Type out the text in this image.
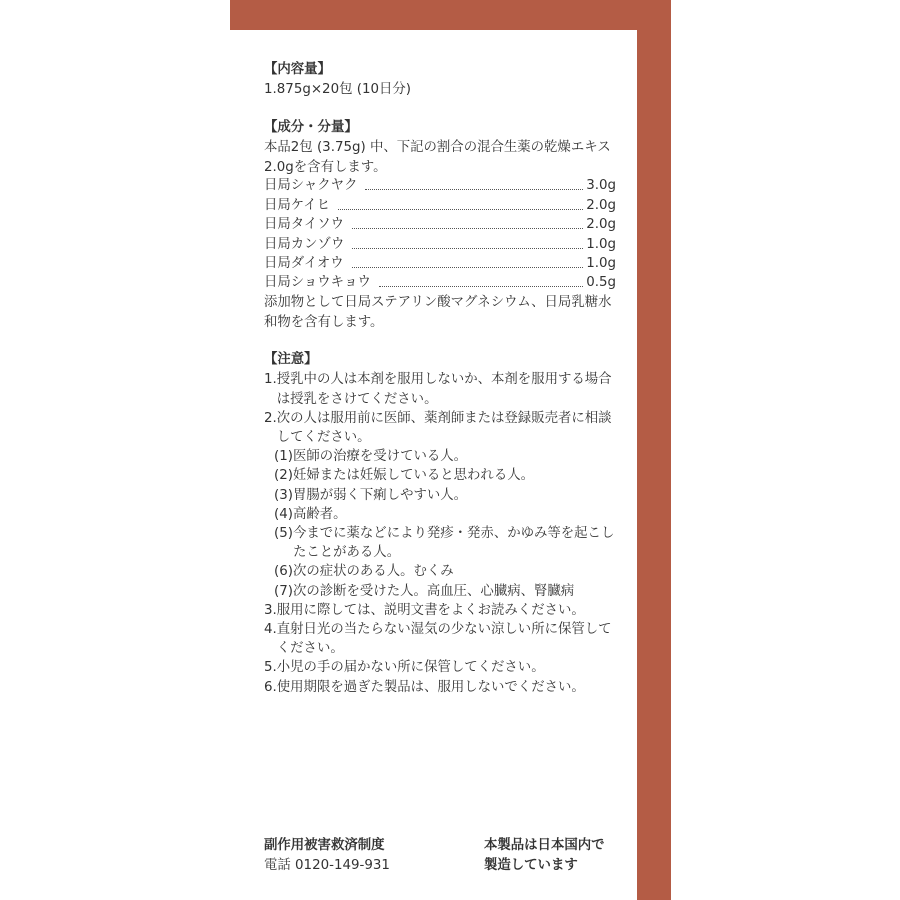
【内容量】

1.875g×20包 (10日分)

【成分・分量】

本品2包 (3.75g) 中、下記の割合の混合生薬の乾燥エキス2.0gを含有します。

日局シャクヤク	3.0g
日局ケイヒ	2.0g
日局タイソウ	2.0g
日局カンゾウ	1.0g
日局ダイオウ	1.0g
日局ショウキョウ	0.5g

添加物として日局ステアリン酸マグネシウム、日局乳糖水和物を含有します。

【注意】

1. 授乳中の人は本剤を服用しないか、本剤を服用する場合は授乳をさけてください。
2. 次の人は服用前に医師、薬剤師または登録販売者に相談してください。
(1) 医師の治療を受けている人。
(2) 妊婦または妊娠していると思われる人。
(3) 胃腸が弱く下痢しやすい人。
(4) 高齢者。
(5) 今までに薬などにより発疹・発赤、かゆみ等を起こしたことがある人。
(6) 次の症状のある人。むくみ
(7) 次の診断を受けた人。高血圧、心臓病、腎臓病
3. 服用に際しては、説明文書をよくお読みください。
4. 直射日光の当たらない湿気の少ない涼しい所に保管してください。
5. 小児の手の届かない所に保管してください。
6. 使用期限を過ぎた製品は、服用しないでください。
副作用被害救済制度
電話 0120-149-931
本製品は日本国内で
製造しています
